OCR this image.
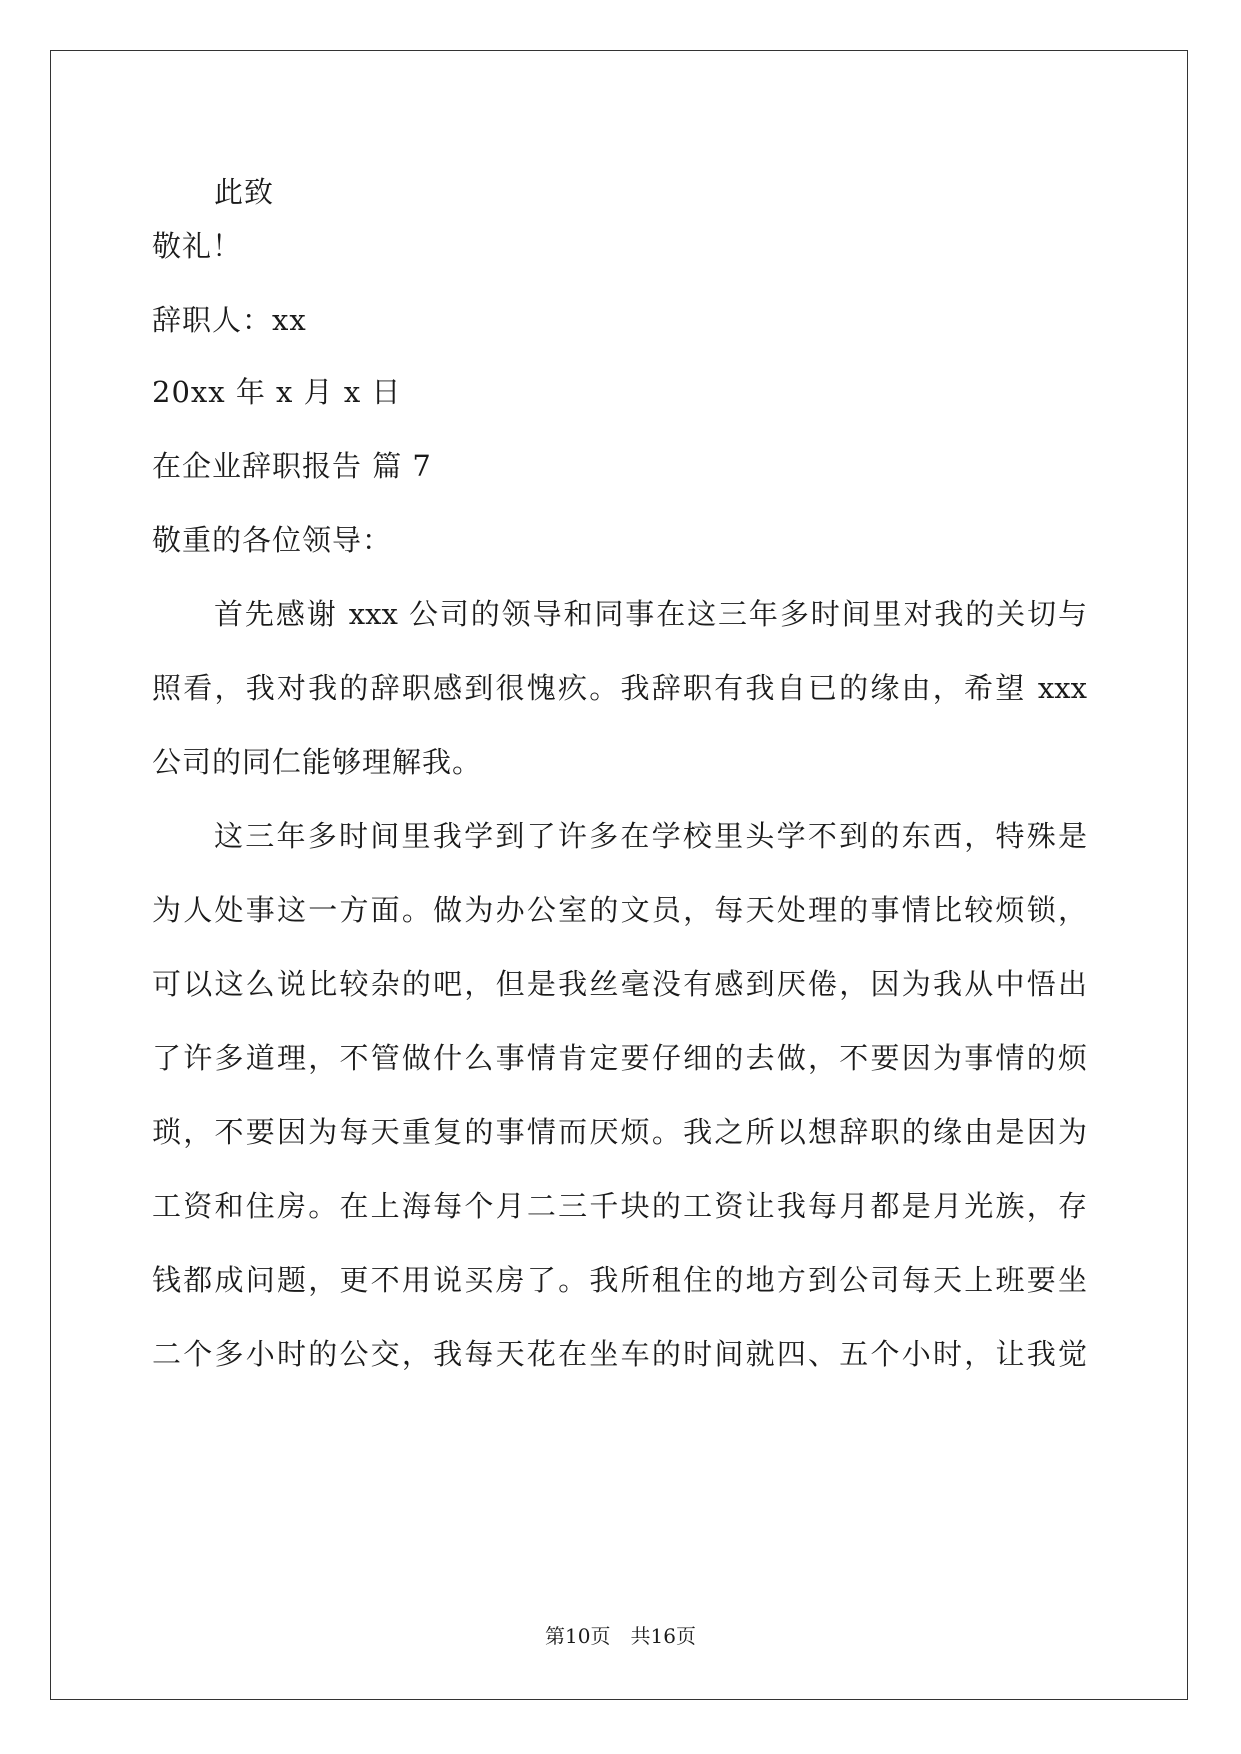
此致
敬礼！
辞职人：xx
20xx 年 x 月 x 日
在企业辞职报告 篇 7
敬重的各位领导：
首先感谢 xxx 公司的领导和同事在这三年多时间里对我的关切与
照看，我对我的辞职感到很愧疚。我辞职有我自已的缘由，希望 xxx
公司的同仁能够理解我。
这三年多时间里我学到了许多在学校里头学不到的东西，特殊是
为人处事这一方面。做为办公室的文员，每天处理的事情比较烦锁，
可以这么说比较杂的吧，但是我丝毫没有感到厌倦，因为我从中悟出
了许多道理，不管做什么事情肯定要仔细的去做，不要因为事情的烦
琐，不要因为每天重复的事情而厌烦。我之所以想辞职的缘由是因为
工资和住房。在上海每个月二三千块的工资让我每月都是月光族，存
钱都成问题，更不用说买房了。我所租住的地方到公司每天上班要坐
二个多小时的公交，我每天花在坐车的时间就四、五个小时，让我觉
第10页　共16页
